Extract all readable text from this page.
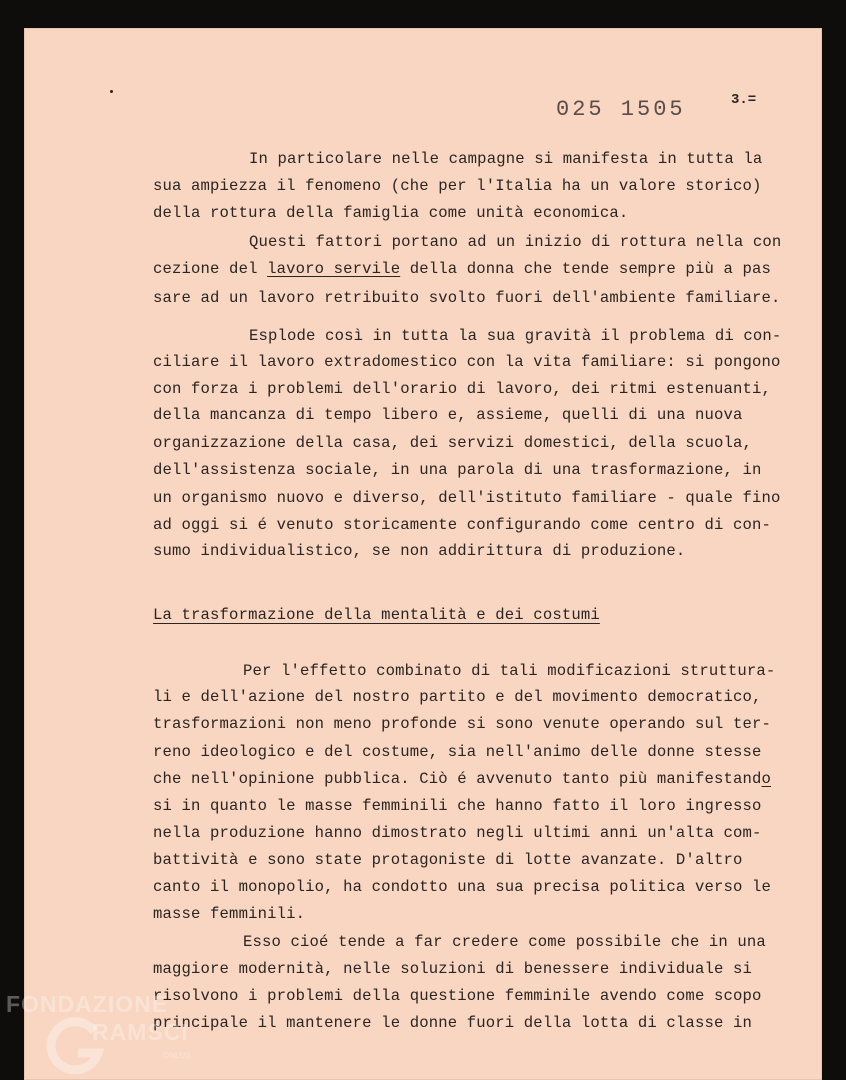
025 1505	3.=
In particolare nelle campagne si manifesta in tutta la
sua ampiezza il fenomeno (che per l'Italia ha un valore storico)
della rottura della famiglia come unità economica.
Questi fattori portano ad un inizio di rottura nella con
cezione del lavoro servile della donna che tende sempre più a pas
sare ad un lavoro retribuito svolto fuori dell'ambiente familiare.
Esplode così in tutta la sua gravità il problema di con-
ciliare il lavoro extradomestico con la vita familiare: si pongono
con forza i problemi dell'orario di lavoro, dei ritmi estenuanti,
della mancanza di tempo libero e, assieme, quelli di una nuova
organizzazione della casa, dei servizi domestici, della scuola,
dell'assistenza sociale, in una parola di una trasformazione, in
un organismo nuovo e diverso, dell'istituto familiare - quale fino
ad oggi si é venuto storicamente configurando come centro di con-
sumo individualistico, se non addirittura di produzione.
La trasformazione della mentalità e dei costumi
Per l'effetto combinato di tali modificazioni struttura-
li e dell'azione del nostro partito e del movimento democratico,
trasformazioni non meno profonde si sono venute operando sul ter-
reno ideologico e del costume, sia nell'animo delle donne stesse
che nell'opinione pubblica. Ciò é avvenuto tanto più manifestando
si in quanto le masse femminili che hanno fatto il loro ingresso
nella produzione hanno dimostrato negli ultimi anni un'alta com-
battività e sono state protagoniste di lotte avanzate. D'altro
canto il monopolio, ha condotto una sua precisa politica verso le
masse femminili.
Esso cioé tende a far credere come possibile che in una
maggiore modernità, nelle soluzioni di benessere individuale si
risolvono i problemi della questione femminile avendo come scopo
principale il mantenere le donne fuori della lotta di classe in
FONDAZIONE
RAMSCI
ONLUS
